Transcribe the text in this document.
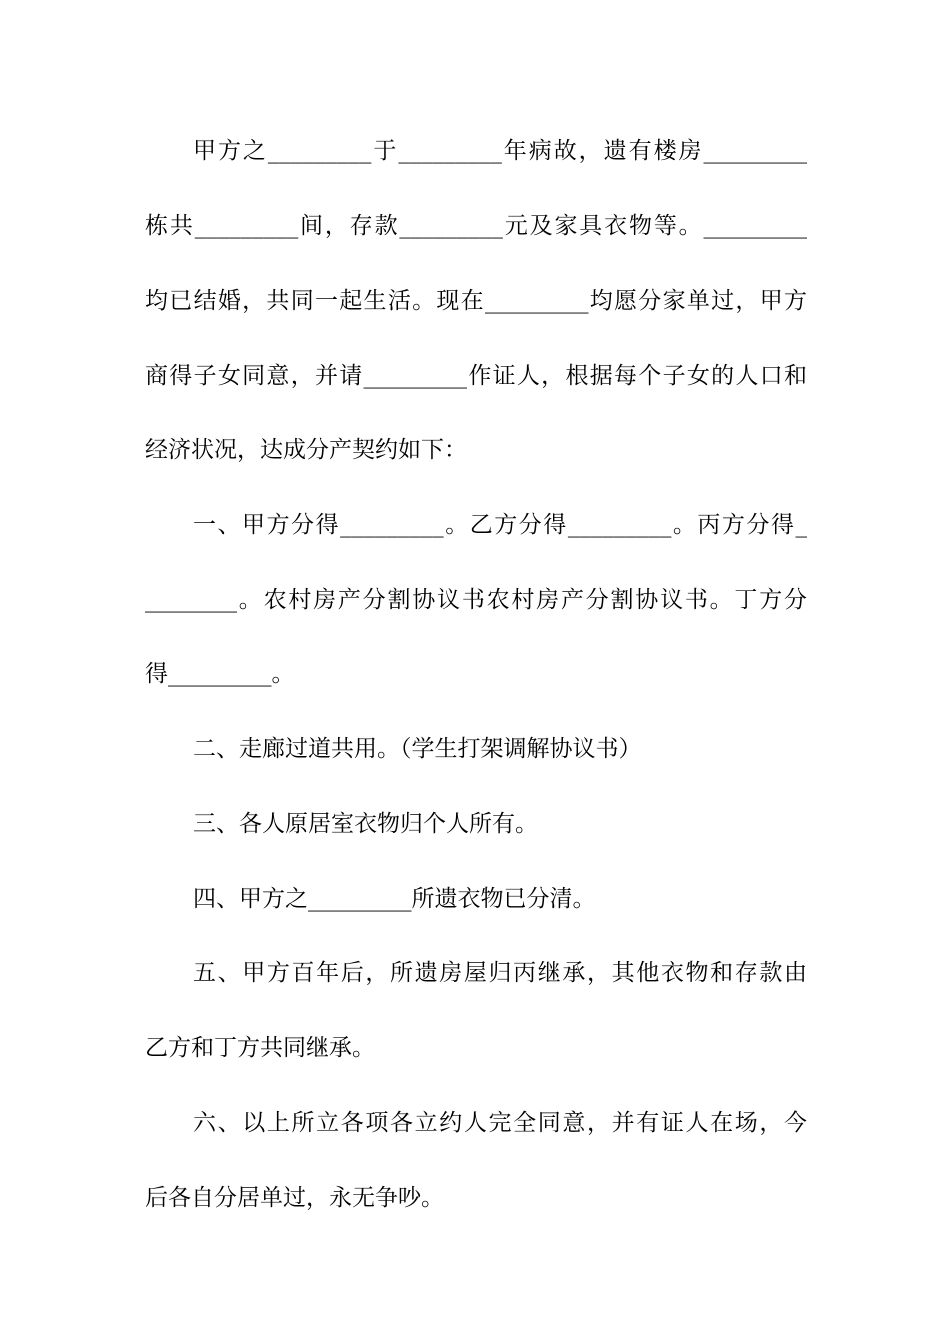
甲方之_________于_________年病故，遗有楼房_________
栋共_________间，存款_________元及家具衣物等。_________
均已结婚，共同一起生活。现在_________均愿分家单过，甲方
商得子女同意，并请_________作证人，根据每个子女的人口和
经济状况，达成分产契约如下：
一、甲方分得_________。乙方分得_________。丙方分得_
________。农村房产分割协议书农村房产分割协议书。丁方分
得_________。
二、走廊过道共用。（学生打架调解协议书）
三、各人原居室衣物归个人所有。
四、甲方之_________所遗衣物已分清。
五、甲方百年后，所遗房屋归丙继承，其他衣物和存款由
乙方和丁方共同继承。
六、以上所立各项各立约人完全同意，并有证人在场，今
后各自分居单过，永无争吵。
